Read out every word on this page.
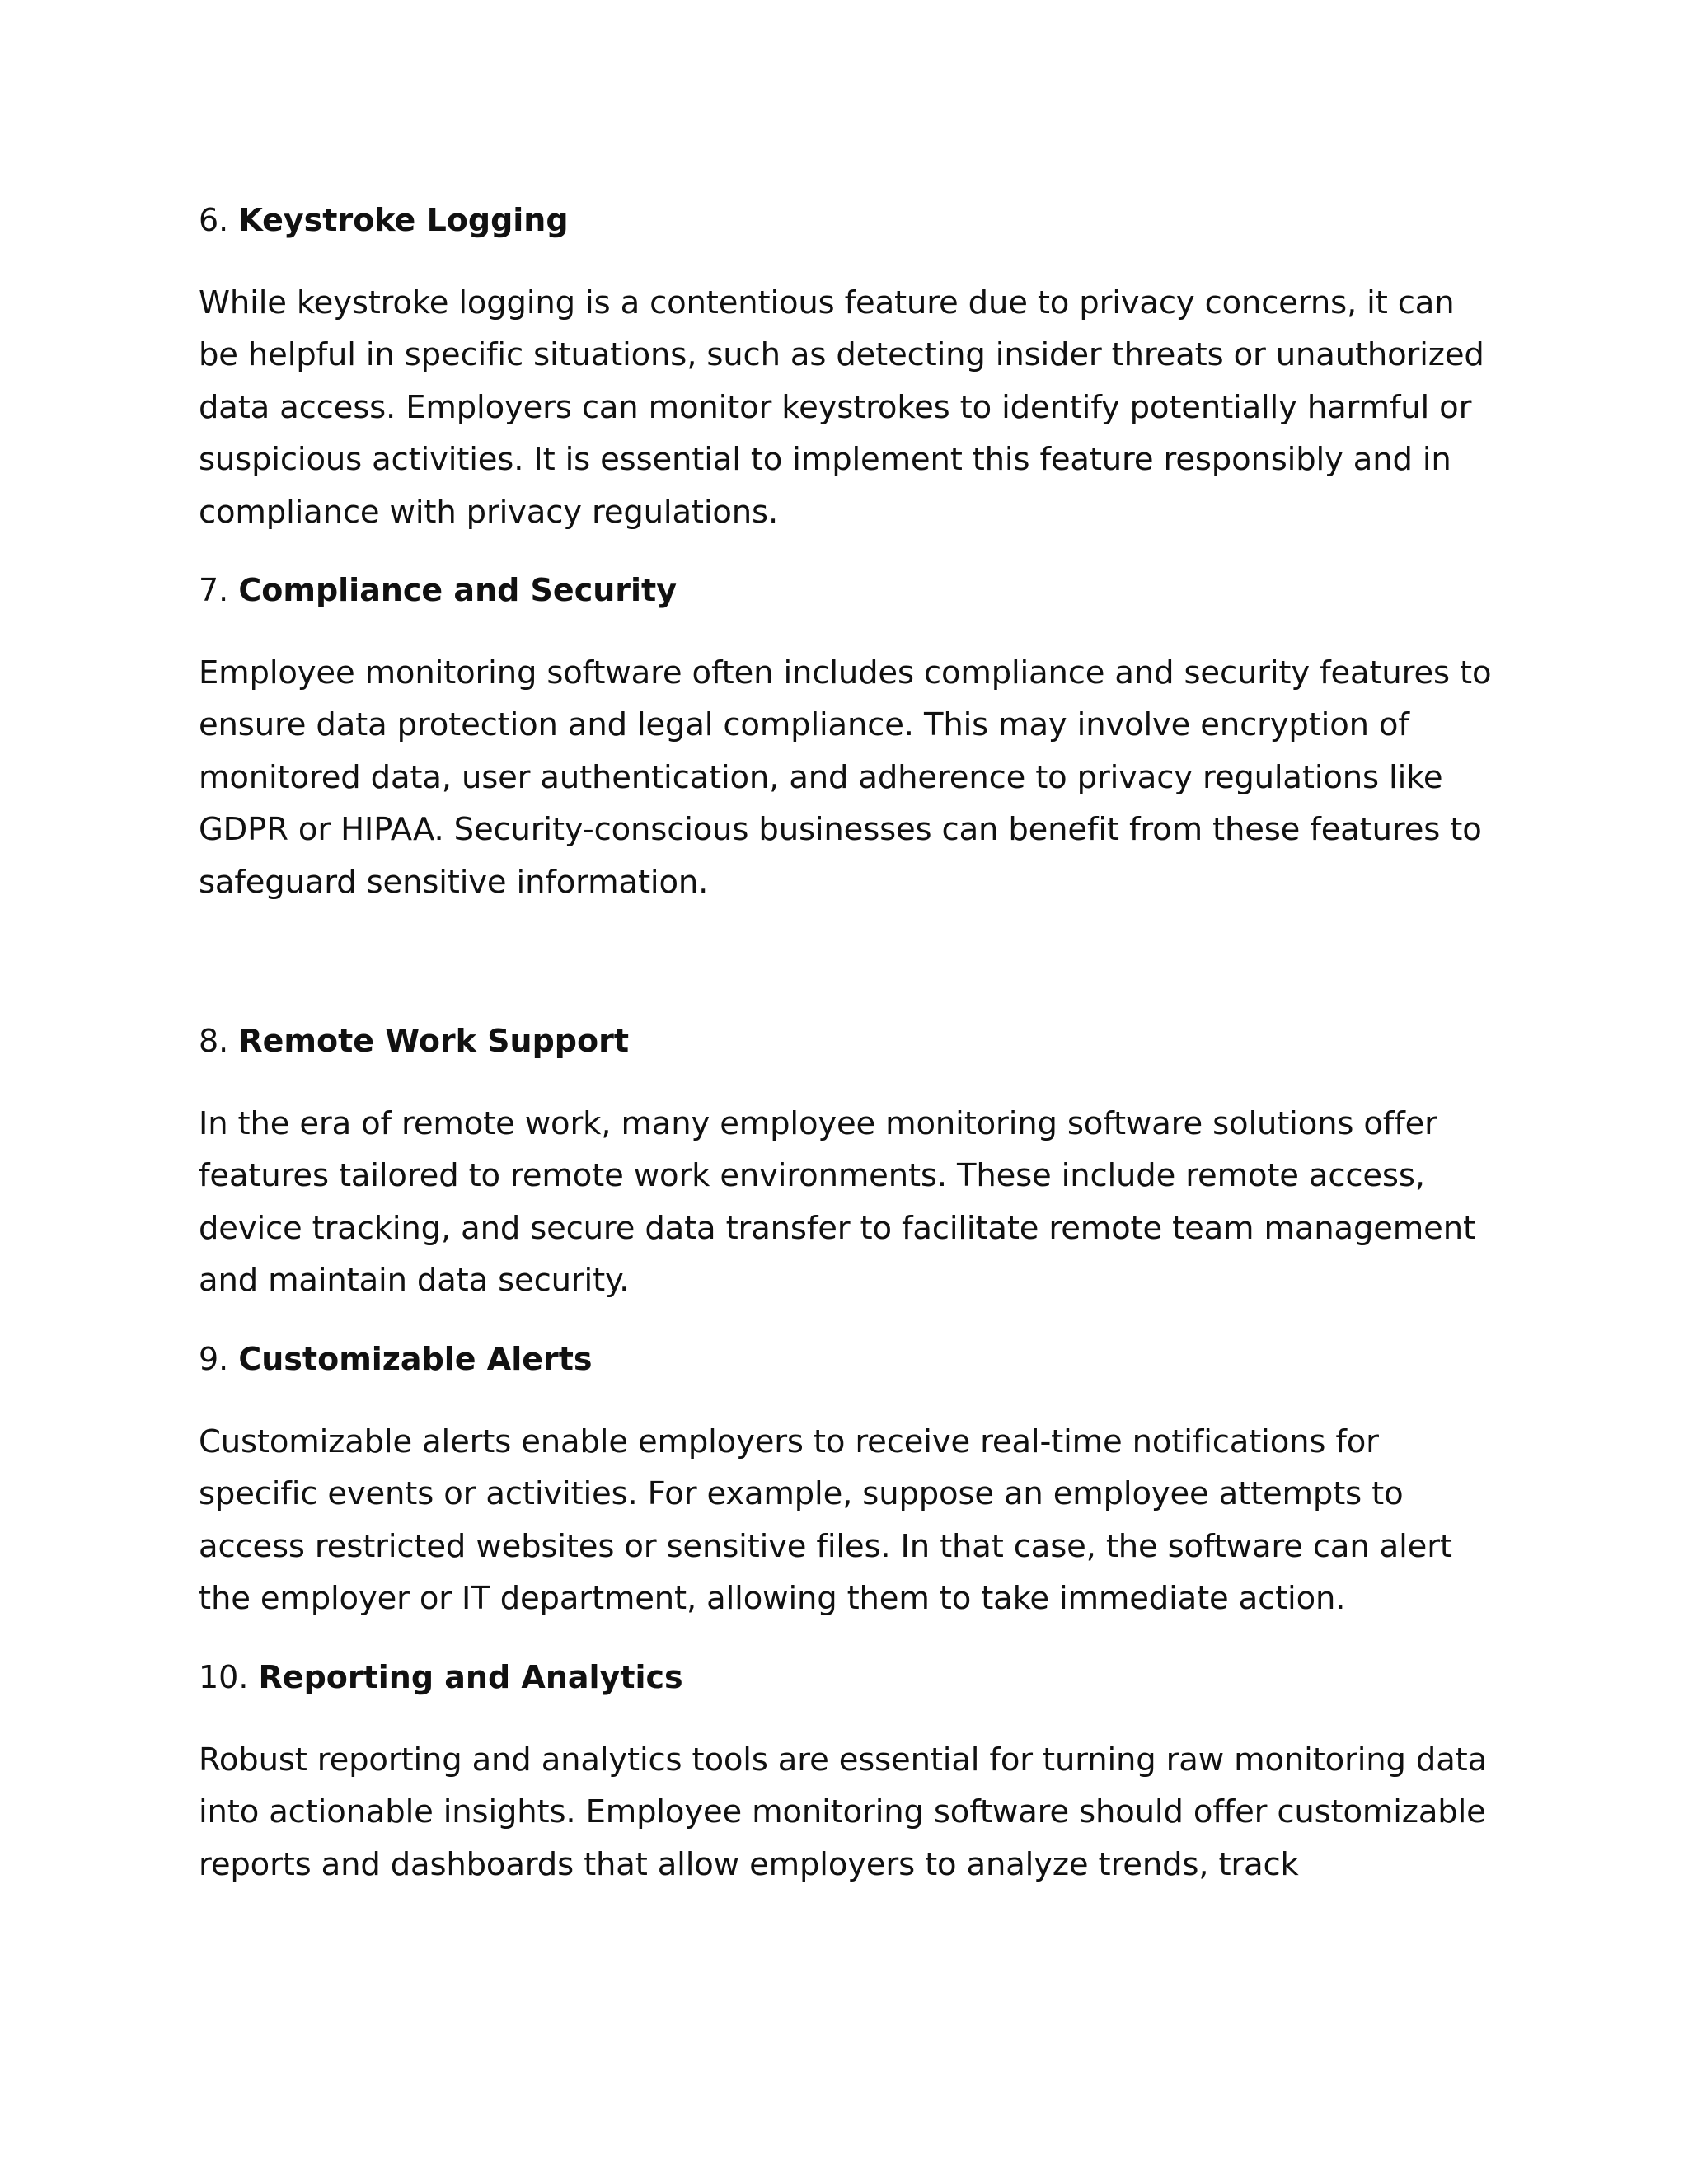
6. Keystroke Logging

While keystroke logging is a contentious feature due to privacy concerns, it can be helpful in specific situations, such as detecting insider threats or unauthorized data access. Employers can monitor keystrokes to identify potentially harmful or suspicious activities. It is essential to implement this feature responsibly and in compliance with privacy regulations.

7. Compliance and Security

Employee monitoring software often includes compliance and security features to ensure data protection and legal compliance. This may involve encryption of monitored data, user authentication, and adherence to privacy regulations like GDPR or HIPAA. Security-conscious businesses can benefit from these features to safeguard sensitive information.

8. Remote Work Support

In the era of remote work, many employee monitoring software solutions offer features tailored to remote work environments. These include remote access, device tracking, and secure data transfer to facilitate remote team management and maintain data security.

9. Customizable Alerts

Customizable alerts enable employers to receive real-time notifications for specific events or activities. For example, suppose an employee attempts to access restricted websites or sensitive files. In that case, the software can alert the employer or IT department, allowing them to take immediate action.

10. Reporting and Analytics

Robust reporting and analytics tools are essential for turning raw monitoring data into actionable insights. Employee monitoring software should offer customizable reports and dashboards that allow employers to analyze trends, track
